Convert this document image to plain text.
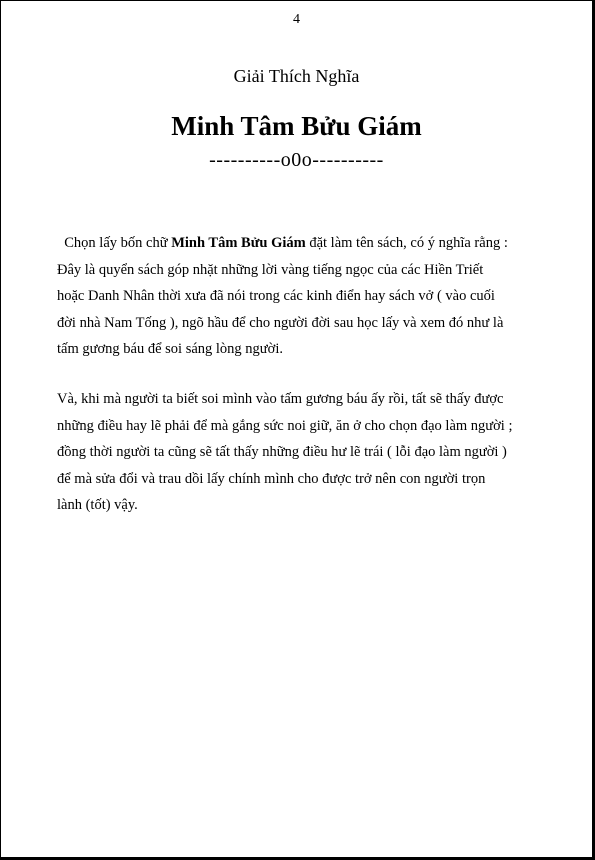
4
Giải Thích Nghĩa
Minh Tâm Bửu Giám
----------o0o----------

Chọn lấy bốn chữ Minh Tâm Bửu Giám đặt làm tên sách, có ý nghĩa rằng :
Đây là quyển sách góp nhặt những lời vàng tiếng ngọc của các Hiền Triết
hoặc Danh Nhân thời xưa đã nói trong các kinh điển hay sách vở ( vào cuối
đời nhà Nam Tống ), ngõ hầu để cho người đời sau học lấy và xem đó như là
tấm gương báu để soi sáng lòng người.

Và, khi mà người ta biết soi mình vào tấm gương báu ấy rồi, tất sẽ thấy được
những điều hay lẽ phải để mà gắng sức noi giữ, ăn ở cho chọn đạo làm người ;
đồng thời người ta cũng sẽ tất thấy những điều hư lẽ trái ( lỗi đạo làm người )
để mà sửa đổi và trau dồi lấy chính mình cho được trở nên con người trọn
lành (tốt) vậy.
